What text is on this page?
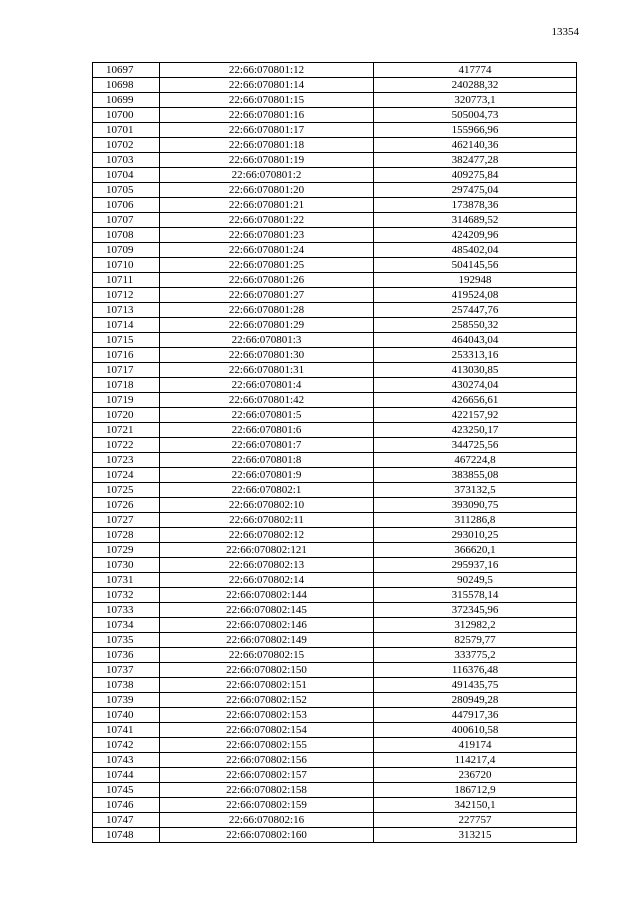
13354
10697	22:66:070801:12	417774
10698	22:66:070801:14	240288,32
10699	22:66:070801:15	320773,1
10700	22:66:070801:16	505004,73
10701	22:66:070801:17	155966,96
10702	22:66:070801:18	462140,36
10703	22:66:070801:19	382477,28
10704	22:66:070801:2	409275,84
10705	22:66:070801:20	297475,04
10706	22:66:070801:21	173878,36
10707	22:66:070801:22	314689,52
10708	22:66:070801:23	424209,96
10709	22:66:070801:24	485402,04
10710	22:66:070801:25	504145,56
10711	22:66:070801:26	192948
10712	22:66:070801:27	419524,08
10713	22:66:070801:28	257447,76
10714	22:66:070801:29	258550,32
10715	22:66:070801:3	464043,04
10716	22:66:070801:30	253313,16
10717	22:66:070801:31	413030,85
10718	22:66:070801:4	430274,04
10719	22:66:070801:42	426656,61
10720	22:66:070801:5	422157,92
10721	22:66:070801:6	423250,17
10722	22:66:070801:7	344725,56
10723	22:66:070801:8	467224,8
10724	22:66:070801:9	383855,08
10725	22:66:070802:1	373132,5
10726	22:66:070802:10	393090,75
10727	22:66:070802:11	311286,8
10728	22:66:070802:12	293010,25
10729	22:66:070802:121	366620,1
10730	22:66:070802:13	295937,16
10731	22:66:070802:14	90249,5
10732	22:66:070802:144	315578,14
10733	22:66:070802:145	372345,96
10734	22:66:070802:146	312982,2
10735	22:66:070802:149	82579,77
10736	22:66:070802:15	333775,2
10737	22:66:070802:150	116376,48
10738	22:66:070802:151	491435,75
10739	22:66:070802:152	280949,28
10740	22:66:070802:153	447917,36
10741	22:66:070802:154	400610,58
10742	22:66:070802:155	419174
10743	22:66:070802:156	114217,4
10744	22:66:070802:157	236720
10745	22:66:070802:158	186712,9
10746	22:66:070802:159	342150,1
10747	22:66:070802:16	227757
10748	22:66:070802:160	313215
